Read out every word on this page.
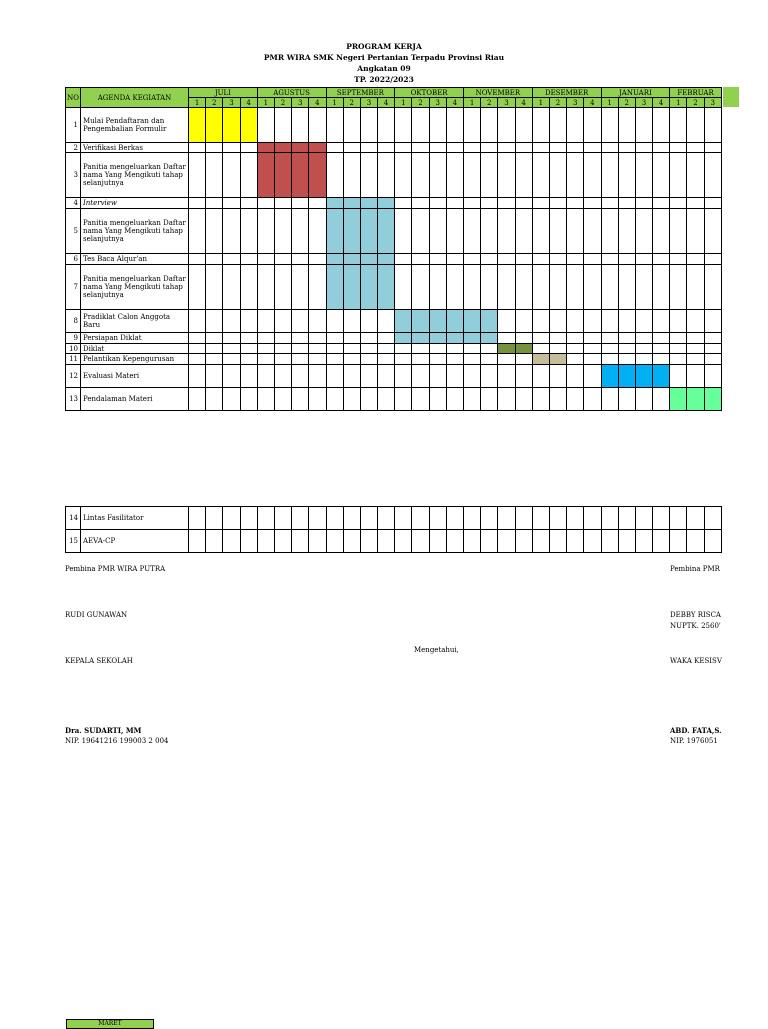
PROGRAM KERJA
PMR WIRA SMK Negeri Pertanian Terpadu Provinsi Riau
Angkatan 09
TP. 2022/2023
NO	AGENDA KEGIATAN	JULI				AGUSTUS				SEPTEMBER				OKTOBER				NOVEMBER				DESEMBER				JANUARI				FEBRUAR		
		1	2	3	4	1	2	3	4	1	2	3	4	1	2	3	4	1	2	3	4	1	2	3	4	1	2	3	4	1	2	3
1	Mulai Pendaftaran dan Pengembalian Formulir																															
2	Verifikasi Berkas																															
3	Panitia mengeluarkan Daftar nama Yang Mengikuti tahap selanjutnya																															
4	Interview																															
5	Panitia mengeluarkan Daftar nama Yang Mengikuti tahap selanjutnya																															
6	Tes Baca Alqur'an																															
7	Panitia mengeluarkan Daftar nama Yang Mengikuti tahap selanjutnya																															
8	Pradiklat Calon Anggota Baru																															
9	Persiapan Diklat																															
10	Diklat																															
11	Pelantikan Kepengurusan																															
12	Evaluasi Materi																															
13	Pendalaman Materi																															
14	Lintas Fasilitator																															
15	AEVA-CP																															
Pembina PMR WIRA PUTRA	Pembina PMR
RUDI GUNAWAN	DEBBY RISCA
NUPTK. 2560'
Mengetahui,
KEPALA SEKOLAH	WAKA KESISV
Dra. SUDARTI, MM	ABD. FATA,S.
NIP. 19641216 199003 2 004	NIP. 1976051
MARET
